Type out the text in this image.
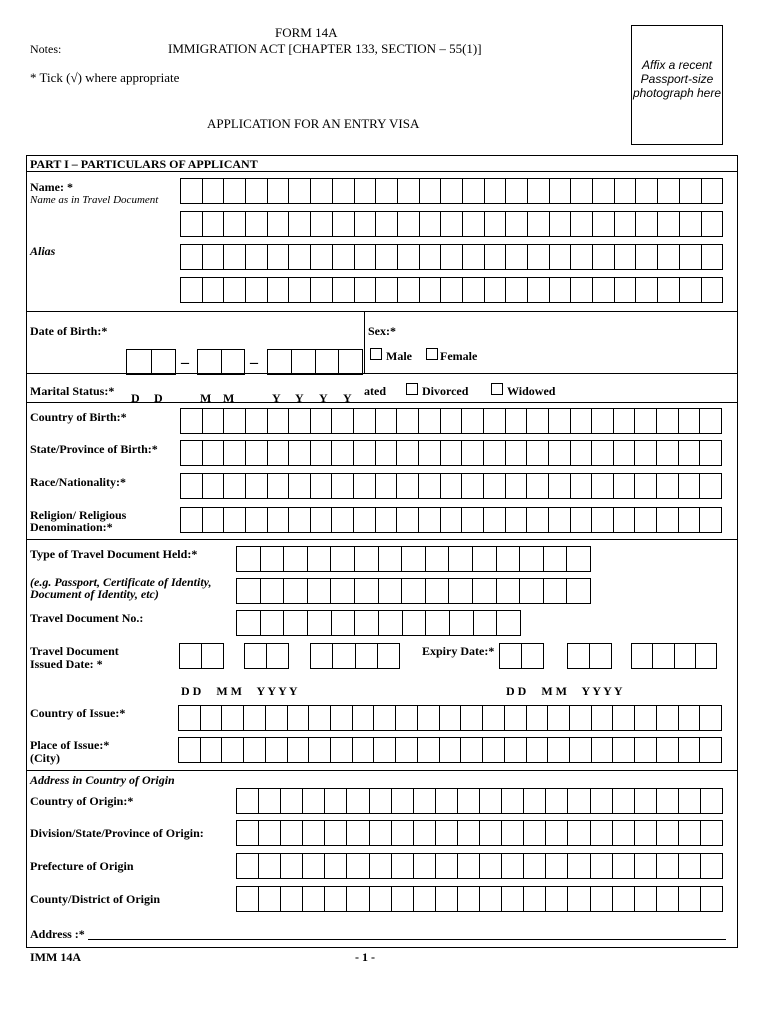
FORM 14A
Notes:	IMMIGRATION ACT [CHAPTER 133, SECTION – 55(1)]
* Tick (√) where appropriate
APPLICATION FOR AN ENTRY VISA
Affix a recent Passport-size photograph here
PART I – PARTICULARS OF APPLICANT
Name: *
Name as in Travel Document
Alias
Date of Birth:*
–	–
Sex:*
Male Female
Marital Status:* D D	M M	Y Y Y Y ated	Divorced	Widowed
Country of Birth:*
State/Province of Birth:*
Race/Nationality:*
Religion/ Religious
Denomination:*
Type of Travel Document Held:*
(e.g. Passport, Certificate of Identity,
Document of Identity, etc)
Travel Document No.:
Travel Document
Issued Date: *
Expiry Date:*
D D     M M     Y Y Y Y	D D     M M     Y Y Y Y
Country of Issue:*
Place of Issue:*
(City)
Address in Country of Origin
Country of Origin:*
Division/State/Province of Origin:
Prefecture of Origin
County/District of Origin
Address :*
IMM 14A	- 1 -
